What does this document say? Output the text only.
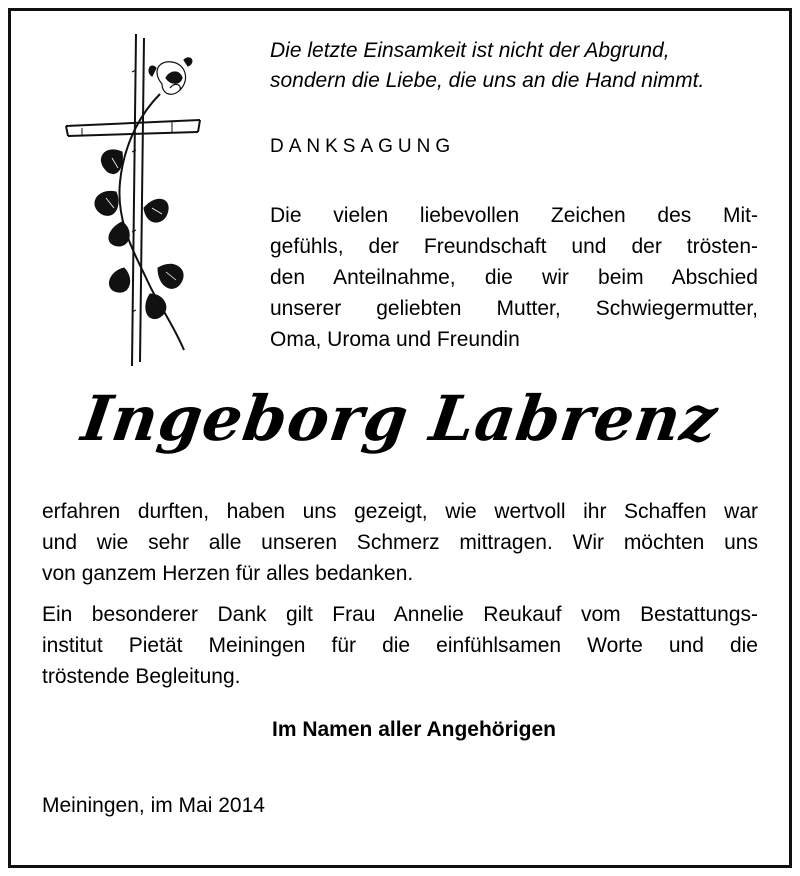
Die letzte Einsamkeit ist nicht der Abgrund,
sondern die Liebe, die uns an die Hand nimmt.

DANKSAGUNG

Die vielen liebevollen Zeichen des Mit-
gefühls, der Freundschaft und der trösten-
den Anteilnahme, die wir beim Abschied
unserer geliebten Mutter, Schwiegermutter,
Oma, Uroma und Freundin

Ingeborg Labrenz

erfahren durften, haben uns gezeigt, wie wertvoll ihr Schaffen war
und wie sehr alle unseren Schmerz mittragen. Wir möchten uns
von ganzem Herzen für alles bedanken.

Ein besonderer Dank gilt Frau Annelie Reukauf vom Bestattungs-
institut Pietät Meiningen für die einfühlsamen Worte und die
tröstende Begleitung.

Im Namen aller Angehörigen

Meiningen, im Mai 2014
